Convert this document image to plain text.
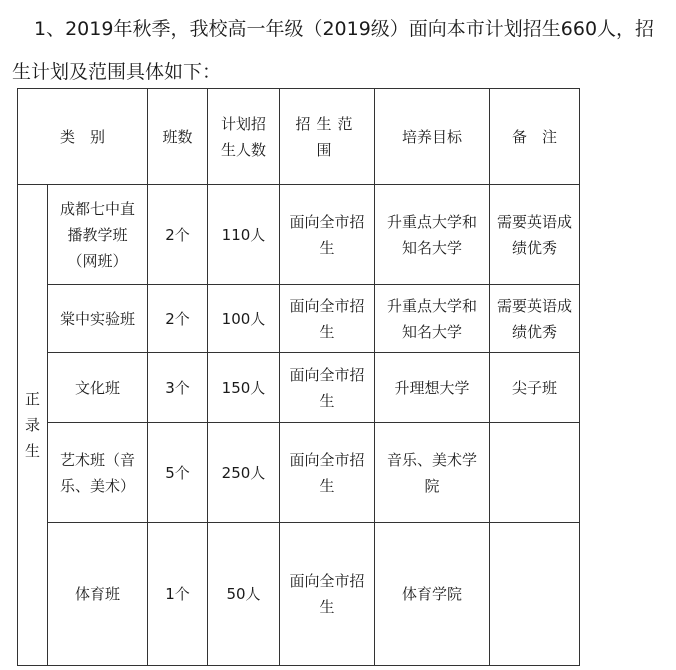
1、2019年秋季，我校高一年级（2019级）面向本市计划招生660人，招生计划及范围具体如下：

类　别		班数	计划招生人数	招生范围	培养目标	备　注
正录生	成都七中直播教学班（网班）	2个	110人	面向全市招生	升重点大学和知名大学	需要英语成绩优秀
	棠中实验班	2个	100人	面向全市招生	升重点大学和知名大学	需要英语成绩优秀
	文化班	3个	150人	面向全市招生	升理想大学	尖子班
	艺术班（音乐、美术）	5个	250人	面向全市招生	音乐、美术学院	
	体育班	1个	50人	面向全市招生	体育学院	
